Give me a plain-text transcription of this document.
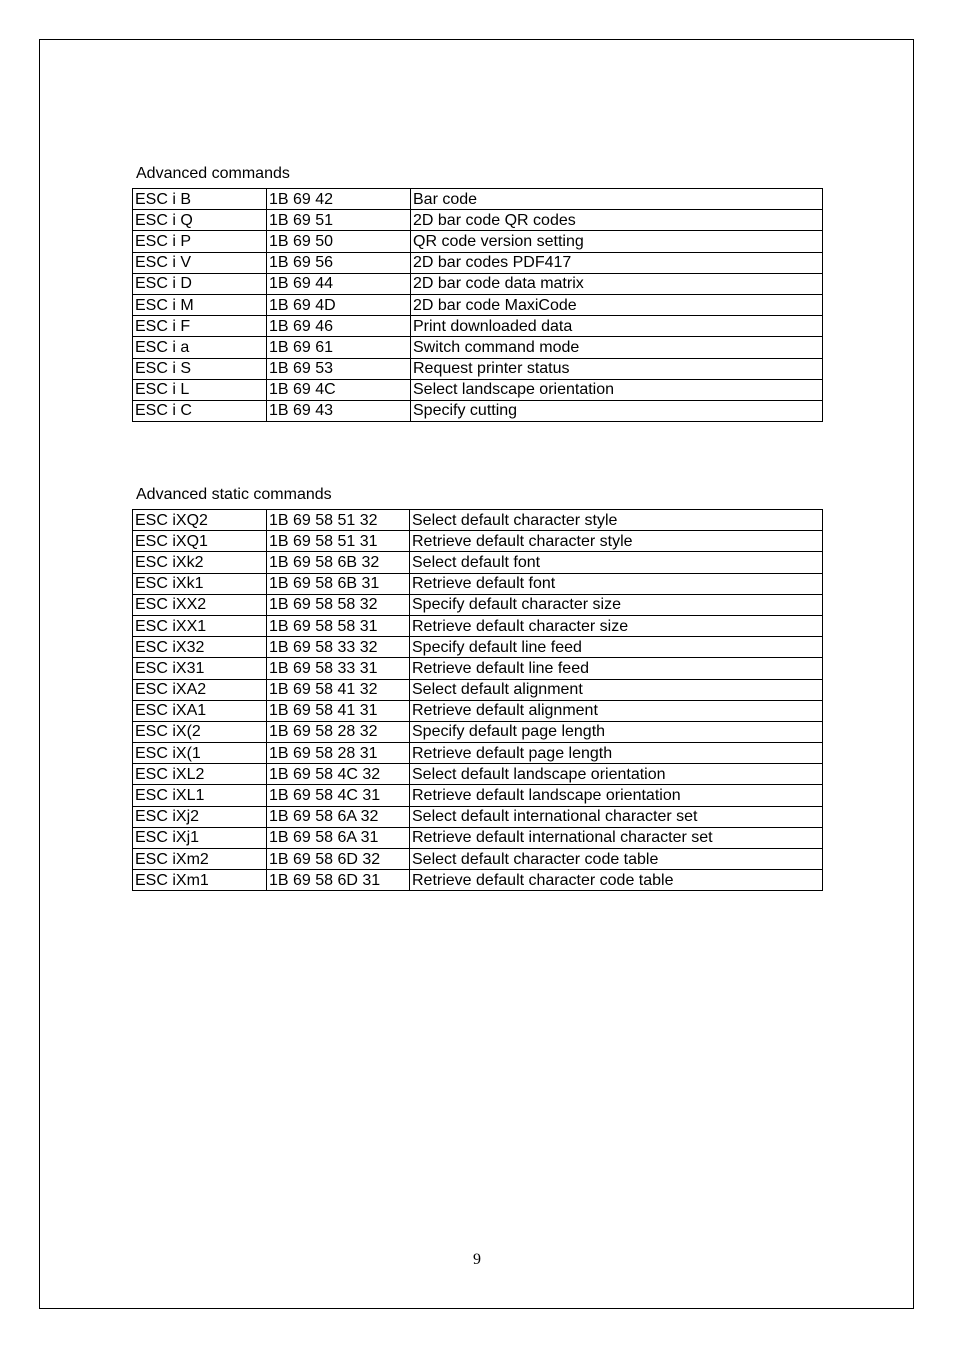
Advanced commands
ESC i B	1B 69 42	Bar code
ESC i Q	1B 69 51	2D bar code QR codes
ESC i P	1B 69 50	QR code version setting
ESC i V	1B 69 56	2D bar codes PDF417
ESC i D	1B 69 44	2D bar code data matrix
ESC i M	1B 69 4D	2D bar code MaxiCode
ESC i F	1B 69 46	Print downloaded data
ESC i a	1B 69 61	Switch command mode
ESC i S	1B 69 53	Request printer status
ESC i L	1B 69 4C	Select landscape orientation
ESC i C	1B 69 43	Specify cutting
Advanced static commands
ESC iXQ2	1B 69 58 51 32	Select default character style
ESC iXQ1	1B 69 58 51 31	Retrieve default character style
ESC iXk2	1B 69 58 6B 32	Select default font
ESC iXk1	1B 69 58 6B 31	Retrieve default font
ESC iXX2	1B 69 58 58 32	Specify default character size
ESC iXX1	1B 69 58 58 31	Retrieve default character size
ESC iX32	1B 69 58 33 32	Specify default line feed
ESC iX31	1B 69 58 33 31	Retrieve default line feed
ESC iXA2	1B 69 58 41 32	Select default alignment
ESC iXA1	1B 69 58 41 31	Retrieve default alignment
ESC iX(2	1B 69 58 28 32	Specify default page length
ESC iX(1	1B 69 58 28 31	Retrieve default page length
ESC iXL2	1B 69 58 4C 32	Select default landscape orientation
ESC iXL1	1B 69 58 4C 31	Retrieve default landscape orientation
ESC iXj2	1B 69 58 6A 32	Select default international character set
ESC iXj1	1B 69 58 6A 31	Retrieve default international character set
ESC iXm2	1B 69 58 6D 32	Select default character code table
ESC iXm1	1B 69 58 6D 31	Retrieve default character code table
9
